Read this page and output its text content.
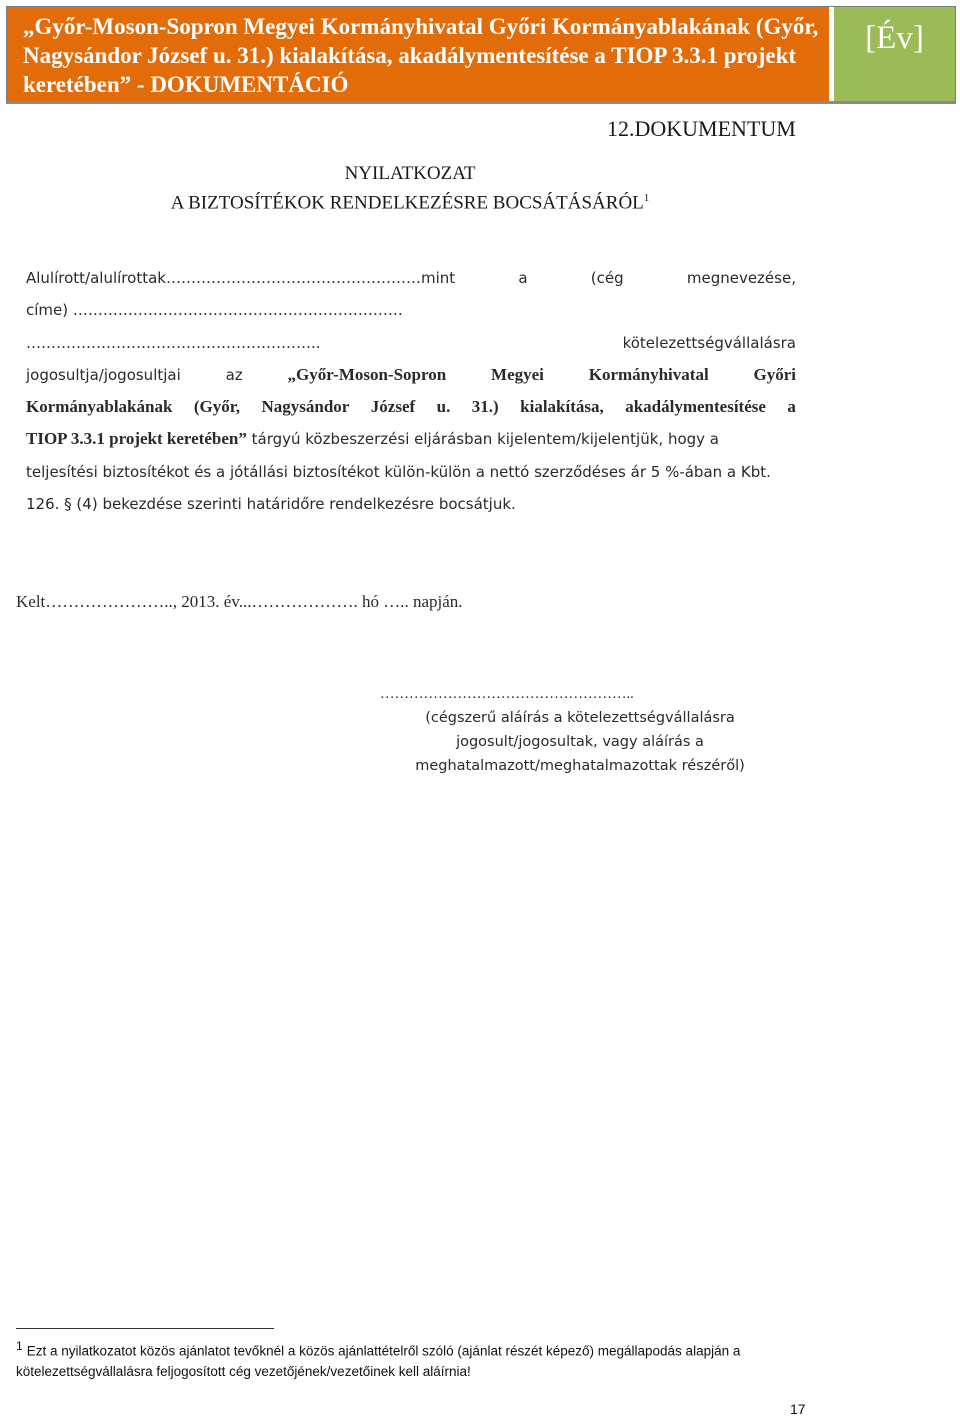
„Győr-Moson-Sopron Megyei Kormányhivatal Győri Kormányablakának (Győr,
Nagysándor József u. 31.) kialakítása, akadálymentesítése a TIOP 3.3.1 projekt
keretében” - DOKUMENTÁCIÓ
[Év]
12.DOKUMENTUM
NYILATKOZAT
A BIZTOSÍTÉKOK RENDELKEZÉSRE BOCSÁTÁSÁRÓL$^1$
Alulírott/alulírottak……………………………………………mint	a	(cég	megnevezése,
címe) …………………………………………………………
…………………………………………………..	kötelezettségvállalásra
jogosultja/jogosultjai	az	„Győr-Moson-Sopron	Megyei	Kormányhivatal	Győri
Kormányablakának (Győr, Nagysándor József u. 31.) kialakítása, akadálymentesítése a
TIOP 3.3.1 projekt keretében” tárgyú közbeszerzési eljárásban kijelentem/kijelentjük, hogy a
teljesítési biztosítékot és a jótállási biztosítékot külön-külön a nettó szerződéses ár 5 %-ában a Kbt.
126. § (4) bekezdése szerinti határidőre rendelkezésre bocsátjuk.
Kelt………………….., 2013. év...………………. hó ….. napján.
……………………………………………..
(cégszerű aláírás a kötelezettségvállalásra
jogosult/jogosultak, vagy aláírás a
meghatalmazott/meghatalmazottak részéről)
$^1$ Ezt a nyilatkozatot közös ajánlatot tevőknél a közös ajánlattételről szóló (ajánlat részét képező) megállapodás alapján a
kötelezettségvállalásra feljogosított cég vezetőjének/vezetőinek kell aláírnia!
17
